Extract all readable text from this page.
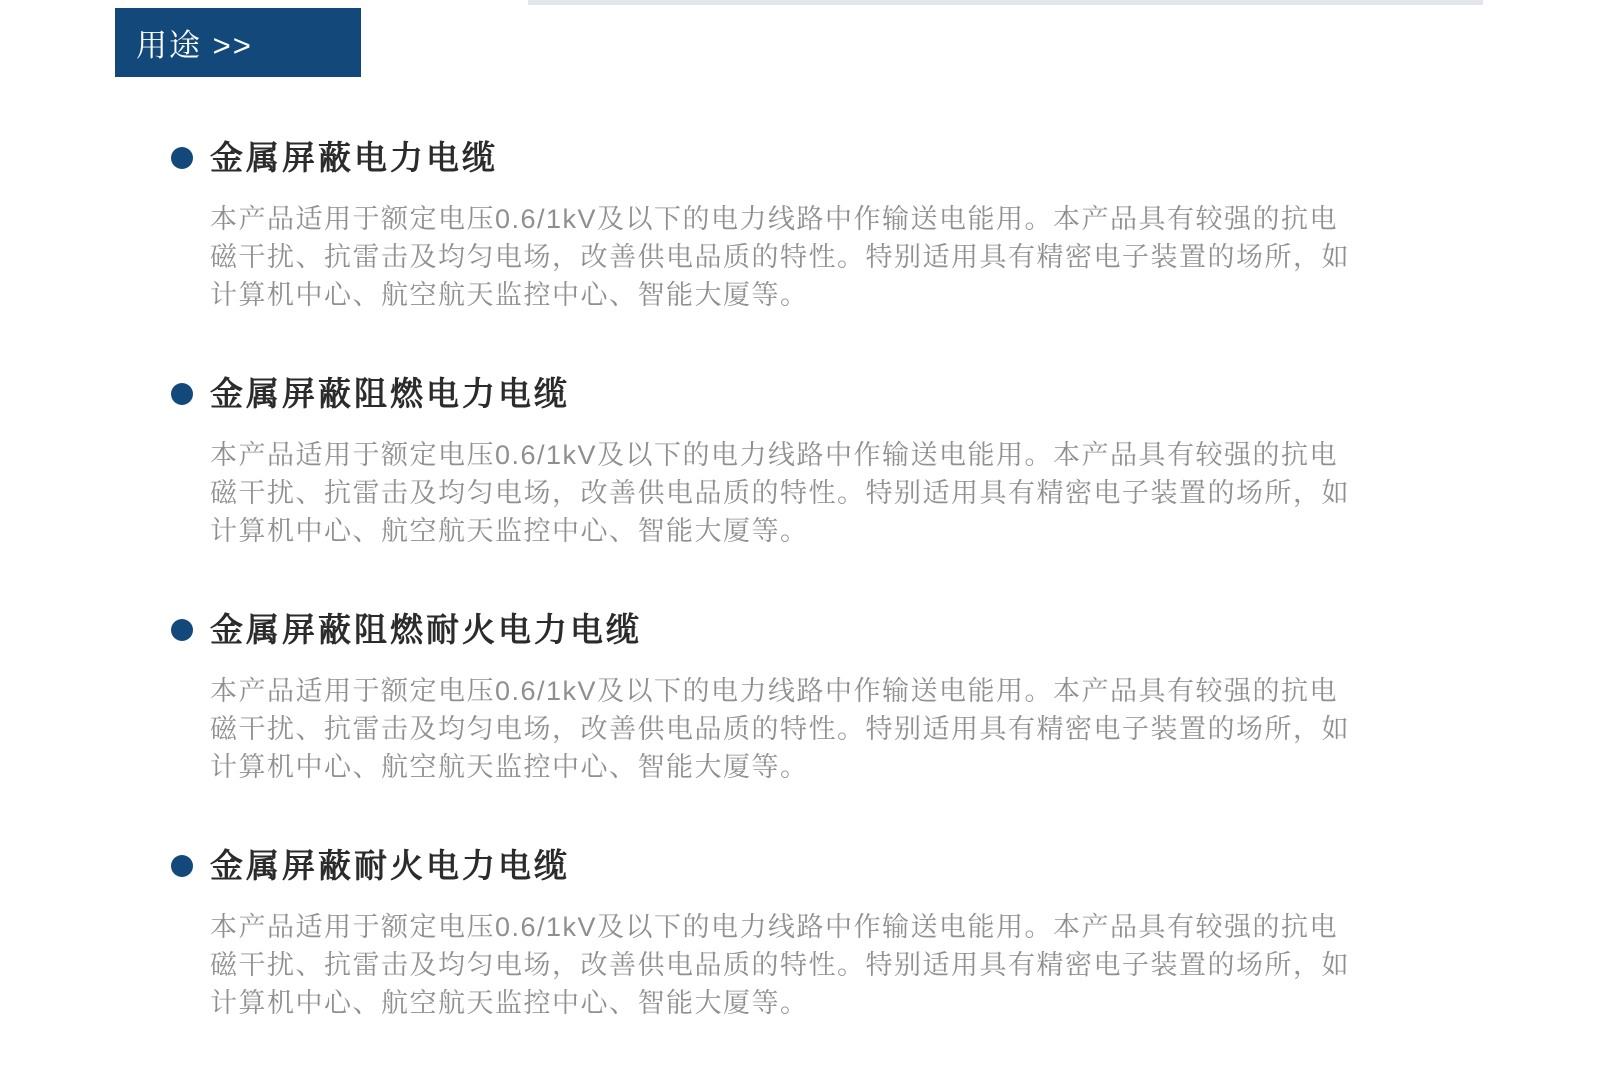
用途 >>
金属屏蔽电力电缆
本产品适用于额定电压0.6/1kV及以下的电力线路中作输送电能用。本产品具有较强的抗电
磁干扰、抗雷击及均匀电场，改善供电品质的特性。特别适用具有精密电子装置的场所，如
计算机中心、航空航天监控中心、智能大厦等。
金属屏蔽阻燃电力电缆
本产品适用于额定电压0.6/1kV及以下的电力线路中作输送电能用。本产品具有较强的抗电
磁干扰、抗雷击及均匀电场，改善供电品质的特性。特别适用具有精密电子装置的场所，如
计算机中心、航空航天监控中心、智能大厦等。
金属屏蔽阻燃耐火电力电缆
本产品适用于额定电压0.6/1kV及以下的电力线路中作输送电能用。本产品具有较强的抗电
磁干扰、抗雷击及均匀电场，改善供电品质的特性。特别适用具有精密电子装置的场所，如
计算机中心、航空航天监控中心、智能大厦等。
金属屏蔽耐火电力电缆
本产品适用于额定电压0.6/1kV及以下的电力线路中作输送电能用。本产品具有较强的抗电
磁干扰、抗雷击及均匀电场，改善供电品质的特性。特别适用具有精密电子装置的场所，如
计算机中心、航空航天监控中心、智能大厦等。
